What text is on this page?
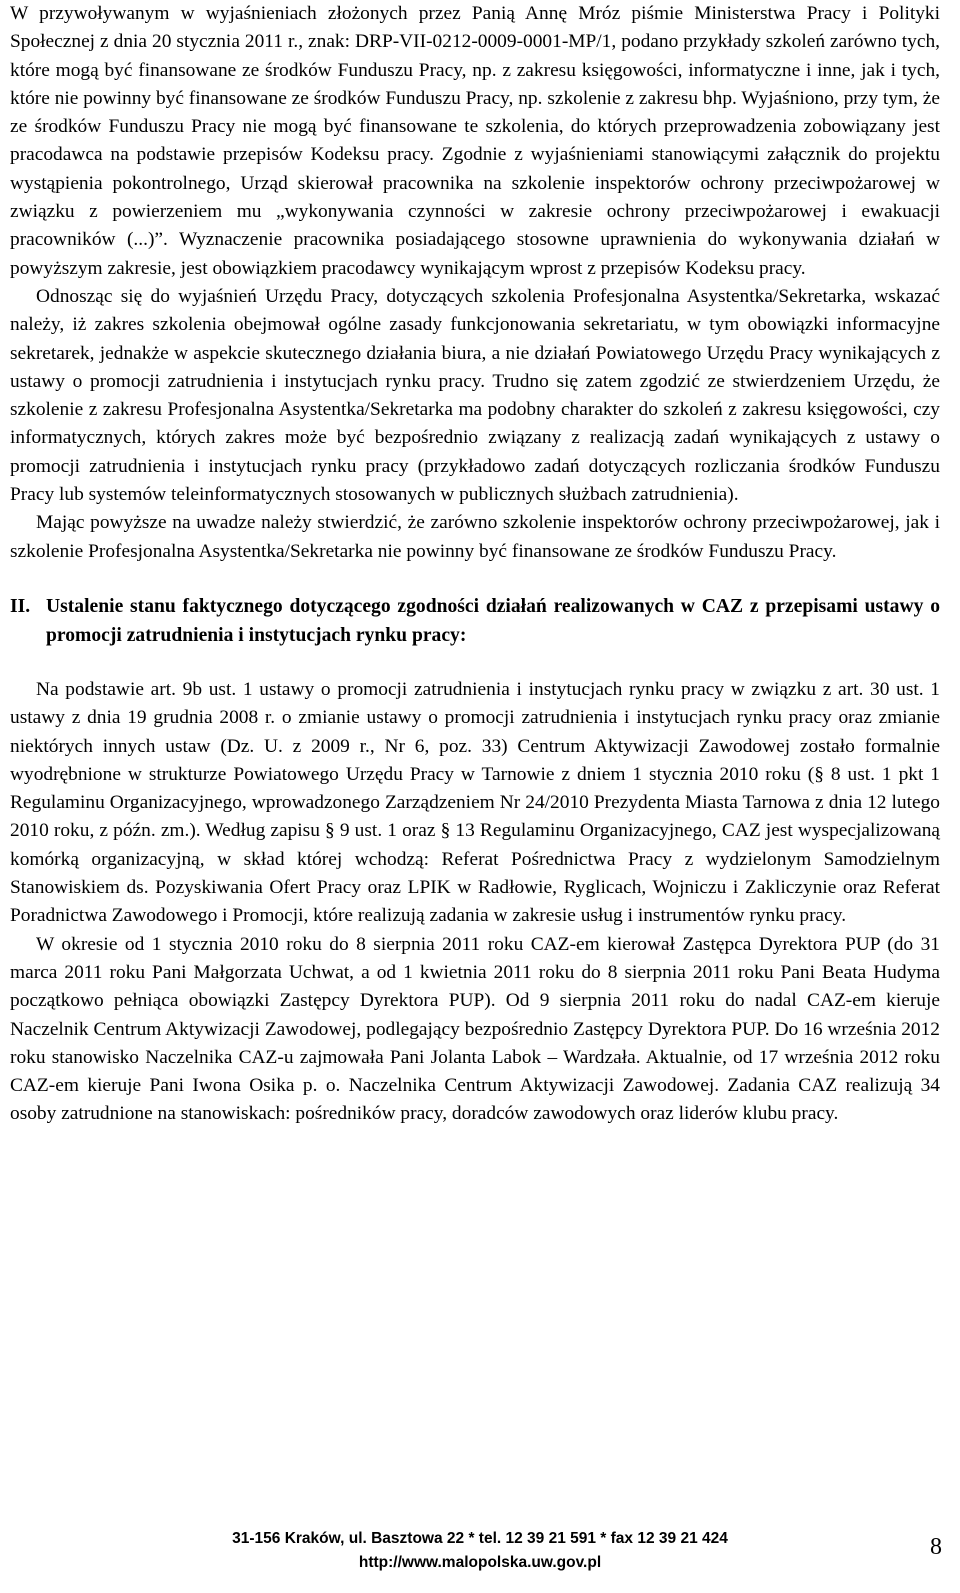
W przywoływanym w wyjaśnieniach złożonych przez Panią Annę Mróz piśmie Ministerstwa Pracy i Polityki Społecznej z dnia 20 stycznia 2011 r., znak: DRP-VII-0212-0009-0001-MP/1, podano przykłady szkoleń zarówno tych, które mogą być finansowane ze środków Funduszu Pracy, np. z zakresu księgowości, informatyczne i inne, jak i tych, które nie powinny być finansowane ze środków Funduszu Pracy, np. szkolenie z zakresu bhp. Wyjaśniono, przy tym, że ze środków Funduszu Pracy nie mogą być finansowane te szkolenia, do których przeprowadzenia zobowiązany jest pracodawca na podstawie przepisów Kodeksu pracy. Zgodnie z wyjaśnieniami stanowiącymi załącznik do projektu wystąpienia pokontrolnego, Urząd skierował pracownika na szkolenie inspektorów ochrony przeciwpożarowej w związku z powierzeniem mu „wykonywania czynności w zakresie ochrony przeciwpożarowej i ewakuacji pracowników (...)”. Wyznaczenie pracownika posiadającego stosowne uprawnienia do wykonywania działań w powyższym zakresie, jest obowiązkiem pracodawcy wynikającym wprost z przepisów Kodeksu pracy.

Odnosząc się do wyjaśnień Urzędu Pracy, dotyczących szkolenia Profesjonalna Asystentka/Sekretarka, wskazać należy, iż zakres szkolenia obejmował ogólne zasady funkcjonowania sekretariatu, w tym obowiązki informacyjne sekretarek, jednakże w aspekcie skutecznego działania biura, a nie działań Powiatowego Urzędu Pracy wynikających z ustawy o promocji zatrudnienia i instytucjach rynku pracy. Trudno się zatem zgodzić ze stwierdzeniem Urzędu, że szkolenie z zakresu Profesjonalna Asystentka/Sekretarka ma podobny charakter do szkoleń z zakresu księgowości, czy informatycznych, których zakres może być bezpośrednio związany z realizacją zadań wynikających z ustawy o promocji zatrudnienia i instytucjach rynku pracy (przykładowo zadań dotyczących rozliczania środków Funduszu Pracy lub systemów teleinformatycznych stosowanych w publicznych służbach zatrudnienia).

Mając powyższe na uwadze należy stwierdzić, że zarówno szkolenie inspektorów ochrony przeciwpożarowej, jak i szkolenie Profesjonalna Asystentka/Sekretarka nie powinny być finansowane ze środków Funduszu Pracy.

II. Ustalenie stanu faktycznego dotyczącego zgodności działań realizowanych w CAZ z przepisami ustawy o promocji zatrudnienia i instytucjach rynku pracy:

Na podstawie art. 9b ust. 1 ustawy o promocji zatrudnienia i instytucjach rynku pracy w związku z art. 30 ust. 1 ustawy z dnia 19 grudnia 2008 r. o zmianie ustawy o promocji zatrudnienia i instytucjach rynku pracy oraz zmianie niektórych innych ustaw (Dz. U. z 2009 r., Nr 6, poz. 33) Centrum Aktywizacji Zawodowej zostało formalnie wyodrębnione w strukturze Powiatowego Urzędu Pracy w Tarnowie z dniem 1 stycznia 2010 roku (§ 8 ust. 1 pkt 1 Regulaminu Organizacyjnego, wprowadzonego Zarządzeniem Nr 24/2010 Prezydenta Miasta Tarnowa z dnia 12 lutego 2010 roku, z późn. zm.). Według zapisu § 9 ust. 1 oraz § 13 Regulaminu Organizacyjnego, CAZ jest wyspecjalizowaną komórką organizacyjną, w skład której wchodzą: Referat Pośrednictwa Pracy z wydzielonym Samodzielnym Stanowiskiem ds. Pozyskiwania Ofert Pracy oraz LPIK w Radłowie, Ryglicach, Wojniczu i Zakliczynie oraz Referat Poradnictwa Zawodowego i Promocji, które realizują zadania w zakresie usług i instrumentów rynku pracy.

W okresie od 1 stycznia 2010 roku do 8 sierpnia 2011 roku CAZ-em kierował Zastępca Dyrektora PUP (do 31 marca 2011 roku Pani Małgorzata Uchwat, a od 1 kwietnia 2011 roku do 8 sierpnia 2011 roku Pani Beata Hudyma początkowo pełniąca obowiązki Zastępcy Dyrektora PUP). Od 9 sierpnia 2011 roku do nadal CAZ-em kieruje Naczelnik Centrum Aktywizacji Zawodowej, podlegający bezpośrednio Zastępcy Dyrektora PUP. Do 16 września 2012 roku stanowisko Naczelnika CAZ-u zajmowała Pani Jolanta Labok – Wardzała. Aktualnie, od 17 września 2012 roku CAZ-em kieruje Pani Iwona Osika p. o. Naczelnika Centrum Aktywizacji Zawodowej. Zadania CAZ realizują 34 osoby zatrudnione na stanowiskach: pośredników pracy, doradców zawodowych oraz liderów klubu pracy.

31-156 Kraków, ul. Basztowa 22 * tel. 12 39 21 591 * fax 12 39 21 424
http://www.malopolska.uw.gov.pl
8
